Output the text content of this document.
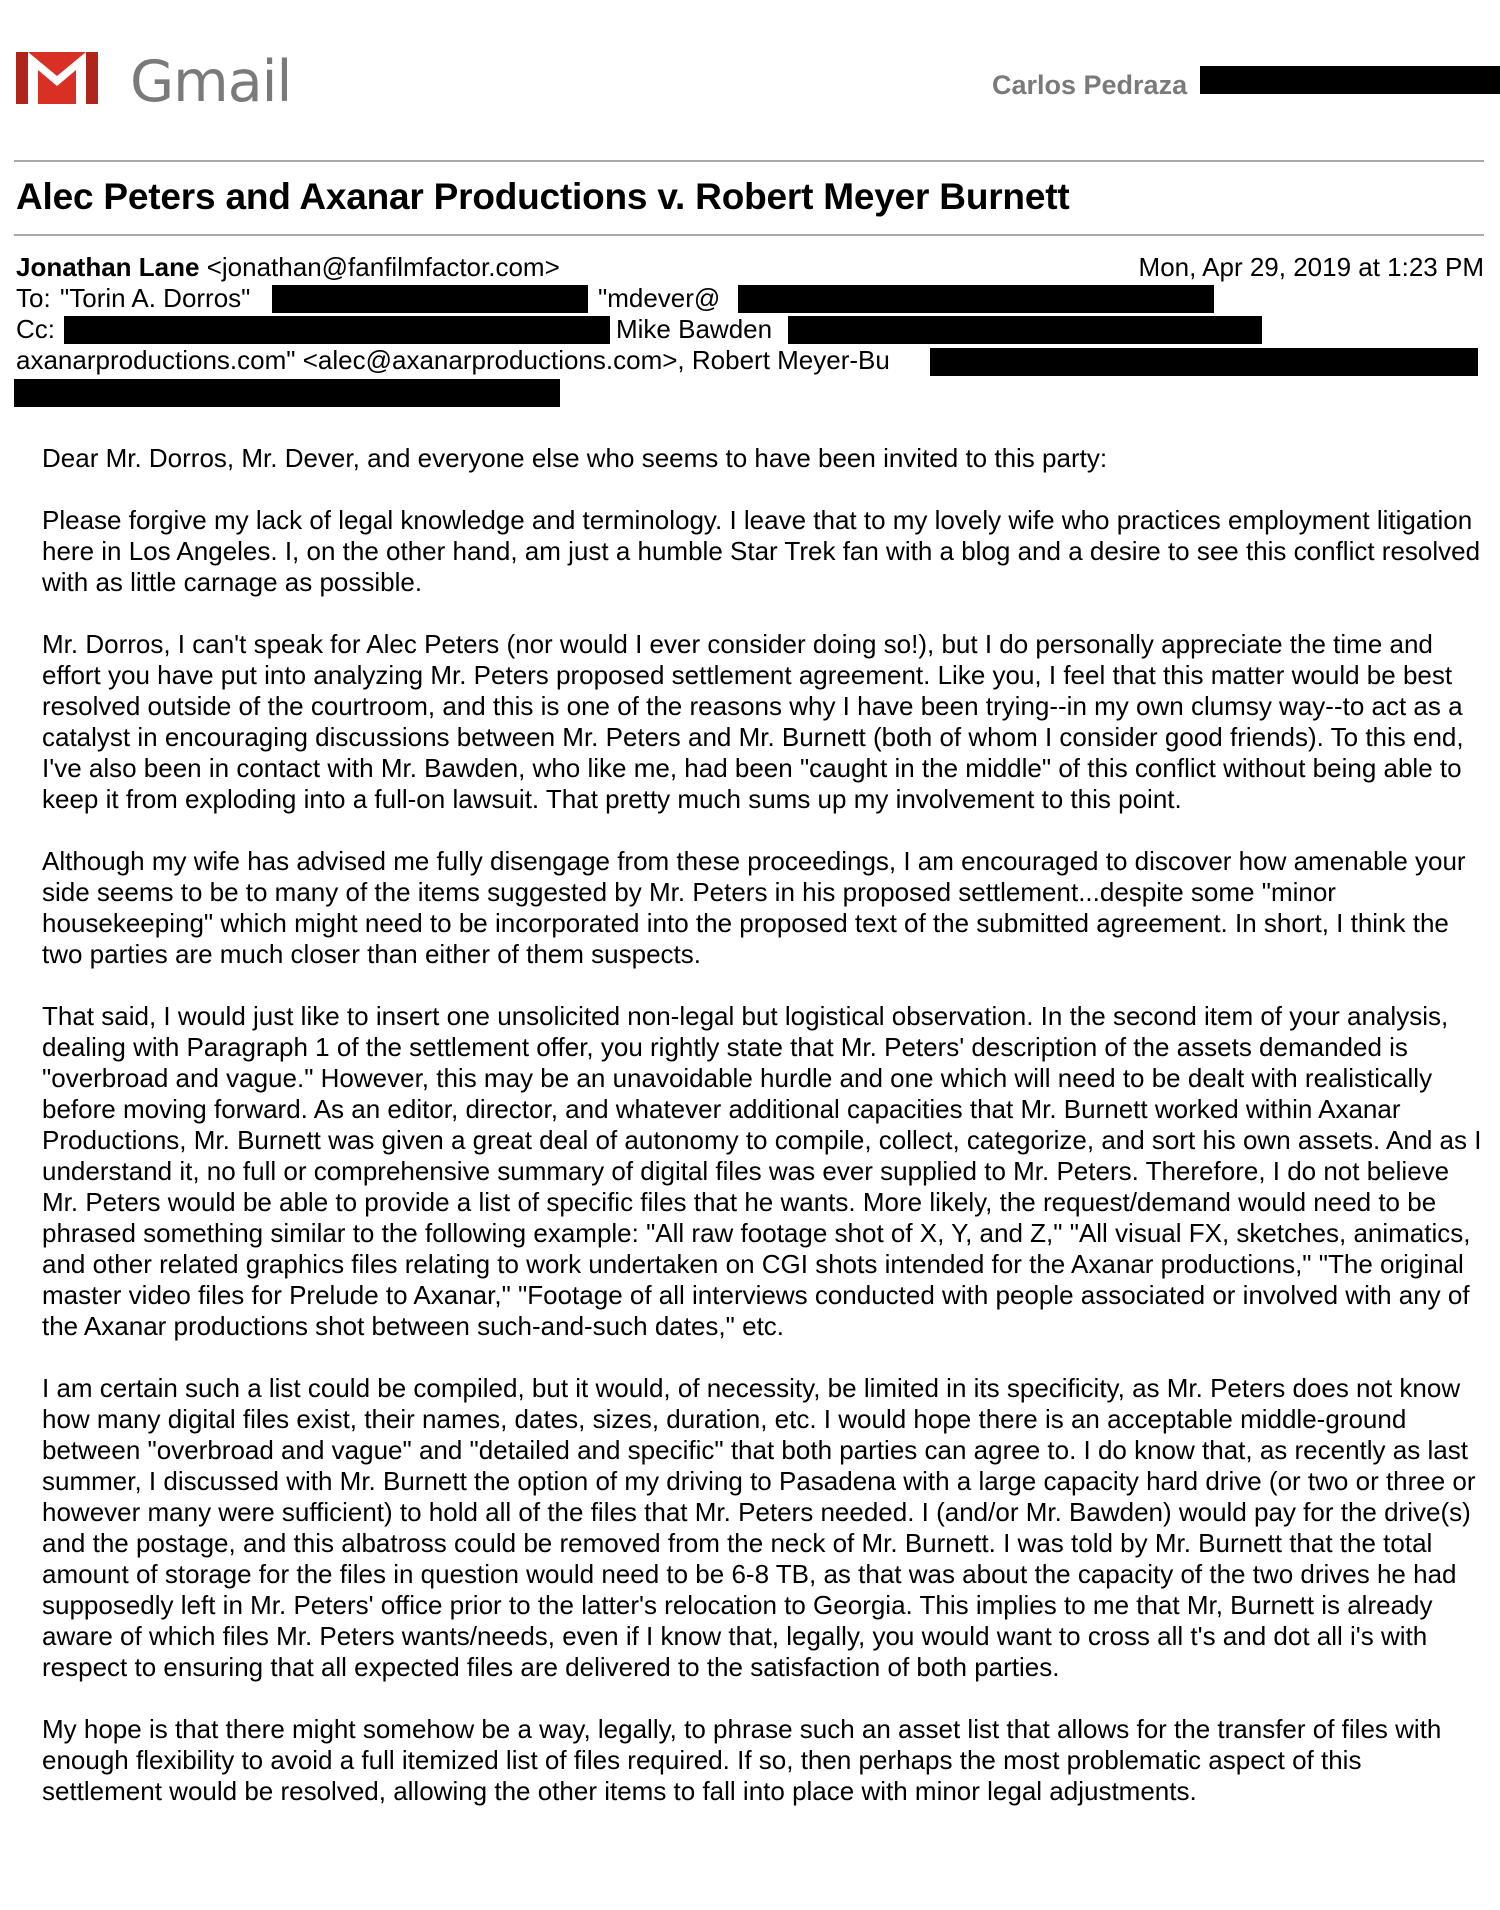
Gmail	Carlos Pedraza
Alec Peters and Axanar Productions v. Robert Meyer Burnett
Jonathan Lane <jonathan@fanfilmfactor.com>	Mon, Apr 29, 2019 at 1:23 PM
To: "Torin A. Dorros"	"mdever@
Cc:	Mike Bawden
axanarproductions.com" <alec@axanarproductions.com>, Robert Meyer-Bu

Dear Mr. Dorros, Mr. Dever, and everyone else who seems to have been invited to this party:

Please forgive my lack of legal knowledge and terminology. I leave that to my lovely wife who practices employment litigation here in Los Angeles. I, on the other hand, am just a humble Star Trek fan with a blog and a desire to see this conflict resolved with as little carnage as possible.

Mr. Dorros, I can't speak for Alec Peters (nor would I ever consider doing so!), but I do personally appreciate the time and effort you have put into analyzing Mr. Peters proposed settlement agreement. Like you, I feel that this matter would be best resolved outside of the courtroom, and this is one of the reasons why I have been trying--in my own clumsy way--to act as a catalyst in encouraging discussions between Mr. Peters and Mr. Burnett (both of whom I consider good friends). To this end, I've also been in contact with Mr. Bawden, who like me, had been "caught in the middle" of this conflict without being able to keep it from exploding into a full-on lawsuit. That pretty much sums up my involvement to this point.

Although my wife has advised me fully disengage from these proceedings, I am encouraged to discover how amenable your side seems to be to many of the items suggested by Mr. Peters in his proposed settlement...despite some "minor housekeeping" which might need to be incorporated into the proposed text of the submitted agreement. In short, I think the two parties are much closer than either of them suspects.

That said, I would just like to insert one unsolicited non-legal but logistical observation. In the second item of your analysis, dealing with Paragraph 1 of the settlement offer, you rightly state that Mr. Peters' description of the assets demanded is "overbroad and vague." However, this may be an unavoidable hurdle and one which will need to be dealt with realistically before moving forward. As an editor, director, and whatever additional capacities that Mr. Burnett worked within Axanar Productions, Mr. Burnett was given a great deal of autonomy to compile, collect, categorize, and sort his own assets. And as I understand it, no full or comprehensive summary of digital files was ever supplied to Mr. Peters. Therefore, I do not believe Mr. Peters would be able to provide a list of specific files that he wants. More likely, the request/demand would need to be phrased something similar to the following example: "All raw footage shot of X, Y, and Z," "All visual FX, sketches, animatics, and other related graphics files relating to work undertaken on CGI shots intended for the Axanar productions," "The original master video files for Prelude to Axanar," "Footage of all interviews conducted with people associated or involved with any of the Axanar productions shot between such-and-such dates," etc.

I am certain such a list could be compiled, but it would, of necessity, be limited in its specificity, as Mr. Peters does not know how many digital files exist, their names, dates, sizes, duration, etc. I would hope there is an acceptable middle-ground between "overbroad and vague" and "detailed and specific" that both parties can agree to. I do know that, as recently as last summer, I discussed with Mr. Burnett the option of my driving to Pasadena with a large capacity hard drive (or two or three or however many were sufficient) to hold all of the files that Mr. Peters needed. I (and/or Mr. Bawden) would pay for the drive(s) and the postage, and this albatross could be removed from the neck of Mr. Burnett. I was told by Mr. Burnett that the total amount of storage for the files in question would need to be 6-8 TB, as that was about the capacity of the two drives he had supposedly left in Mr. Peters' office prior to the latter's relocation to Georgia. This implies to me that Mr, Burnett is already aware of which files Mr. Peters wants/needs, even if I know that, legally, you would want to cross all t's and dot all i's with respect to ensuring that all expected files are delivered to the satisfaction of both parties.

My hope is that there might somehow be a way, legally, to phrase such an asset list that allows for the transfer of files with enough flexibility to avoid a full itemized list of files required. If so, then perhaps the most problematic aspect of this settlement would be resolved, allowing the other items to fall into place with minor legal adjustments.
